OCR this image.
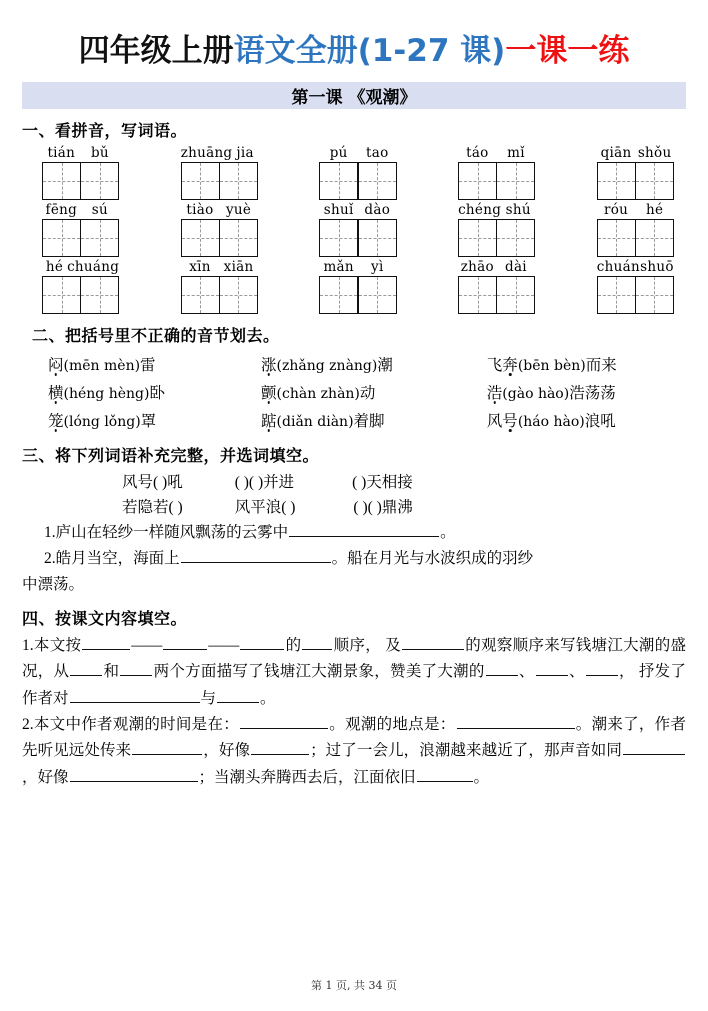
四年级上册语文全册(1-27 课)一课一练
第一课 《观潮》
一、看拼音，写词语。
tián	bǔ	zhuāng jia	pú	tao	táo	mǐ	qiān shǒu
fēng	sú	tiào yuè	shuǐ dào	chéng shú	róu	hé
hé chuáng	xīn xiān	mǎn	yì	zhāo dài	chuán shuō
二、把括号里不正确的音节划去。
闷(mēn mèn)雷	涨(zhǎng znàng)潮	飞奔(bēn bèn)而来
横(héng hèng)卧	颤(chàn zhàn)动	浩(gào hào)浩荡荡
笼(lóng lǒng)罩	踮(diǎn diàn)着脚	风号(háo hào)浪吼
三、将下列词语补充完整，并选词填空。
风号( )吼	( )( )并进	( )天相接
若隐若( )	风平浪( )	( )( )鼎沸
1.庐山在轻纱一样随风飘荡的云雾中	。
2.皓月当空，海面上	。船在月光与水波织成的羽纱
中漂荡。
四、按课文内容填空。

1.本文按	——	——	的 顺序， 及	的观察顺序来写钱塘江大潮的盛况，从 和 两个方面描写了钱塘江大潮景象，赞美了大潮的 、 、 ， 抒发了作者对	与	。

2.本文中作者观潮的时间是在：	。观潮的地点是：	。潮来了，作者先听见远处传来	，好像	；过了一会儿，浪潮越来越近了，那声音如同，好像	；当潮头奔腾西去后，江面依旧	。

第 1 页, 共 34 页
